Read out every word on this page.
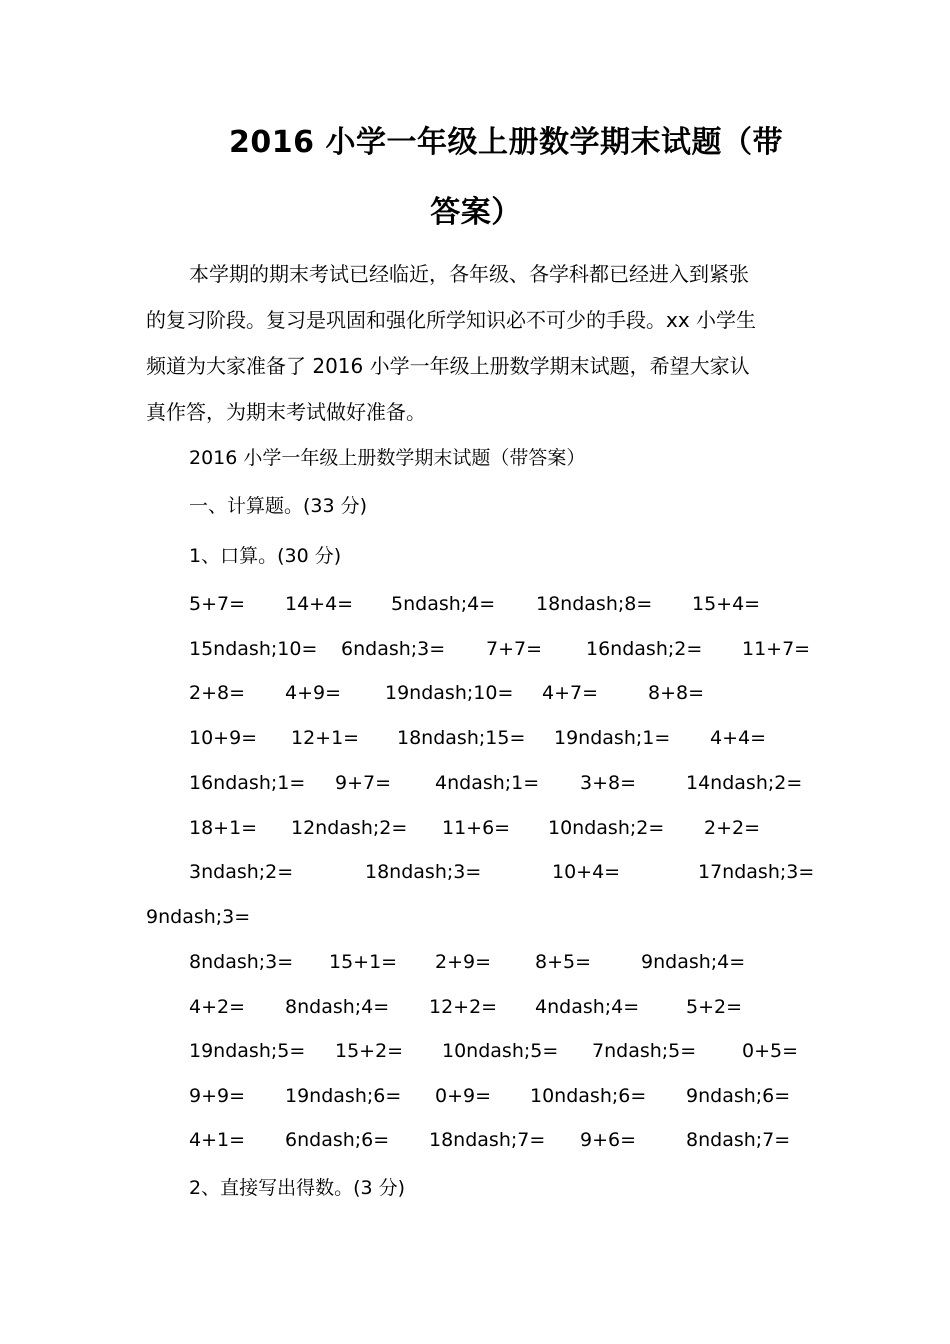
2016 小学一年级上册数学期末试题（带
答案）
本学期的期末考试已经临近，各年级、各学科都已经进入到紧张
的复习阶段。复习是巩固和强化所学知识必不可少的手段。xx 小学生
频道为大家准备了 2016 小学一年级上册数学期末试题，希望大家认
真作答，为期末考试做好准备。
2016 小学一年级上册数学期末试题（带答案）
一、计算题。(33 分)
1、口算。(30 分)
5+7= 14+4= 5ndash;4= 18ndash;8= 15+4=
15ndash;10= 6ndash;3= 7+7= 16ndash;2= 11+7=
2+8= 4+9= 19ndash;10= 4+7=	8+8=
10+9= 12+1= 18ndash;15= 19ndash;1= 4+4=
16ndash;1= 9+7= 4ndash;1= 3+8=	14ndash;2=
18+1= 12ndash;2= 11+6= 10ndash;2= 2+2=
3ndash;2=	18ndash;3=	10+4=	17ndash;3=
9ndash;3=
8ndash;3= 15+1= 2+9= 8+5=	9ndash;4=
4+2= 8ndash;4= 12+2= 4ndash;4= 5+2=
19ndash;5= 15+2= 10ndash;5= 7ndash;5= 0+5=
9+9= 19ndash;6= 0+9= 10ndash;6= 9ndash;6=
4+1= 6ndash;6= 18ndash;7= 9+6=	8ndash;7=
2、直接写出得数。(3 分)
